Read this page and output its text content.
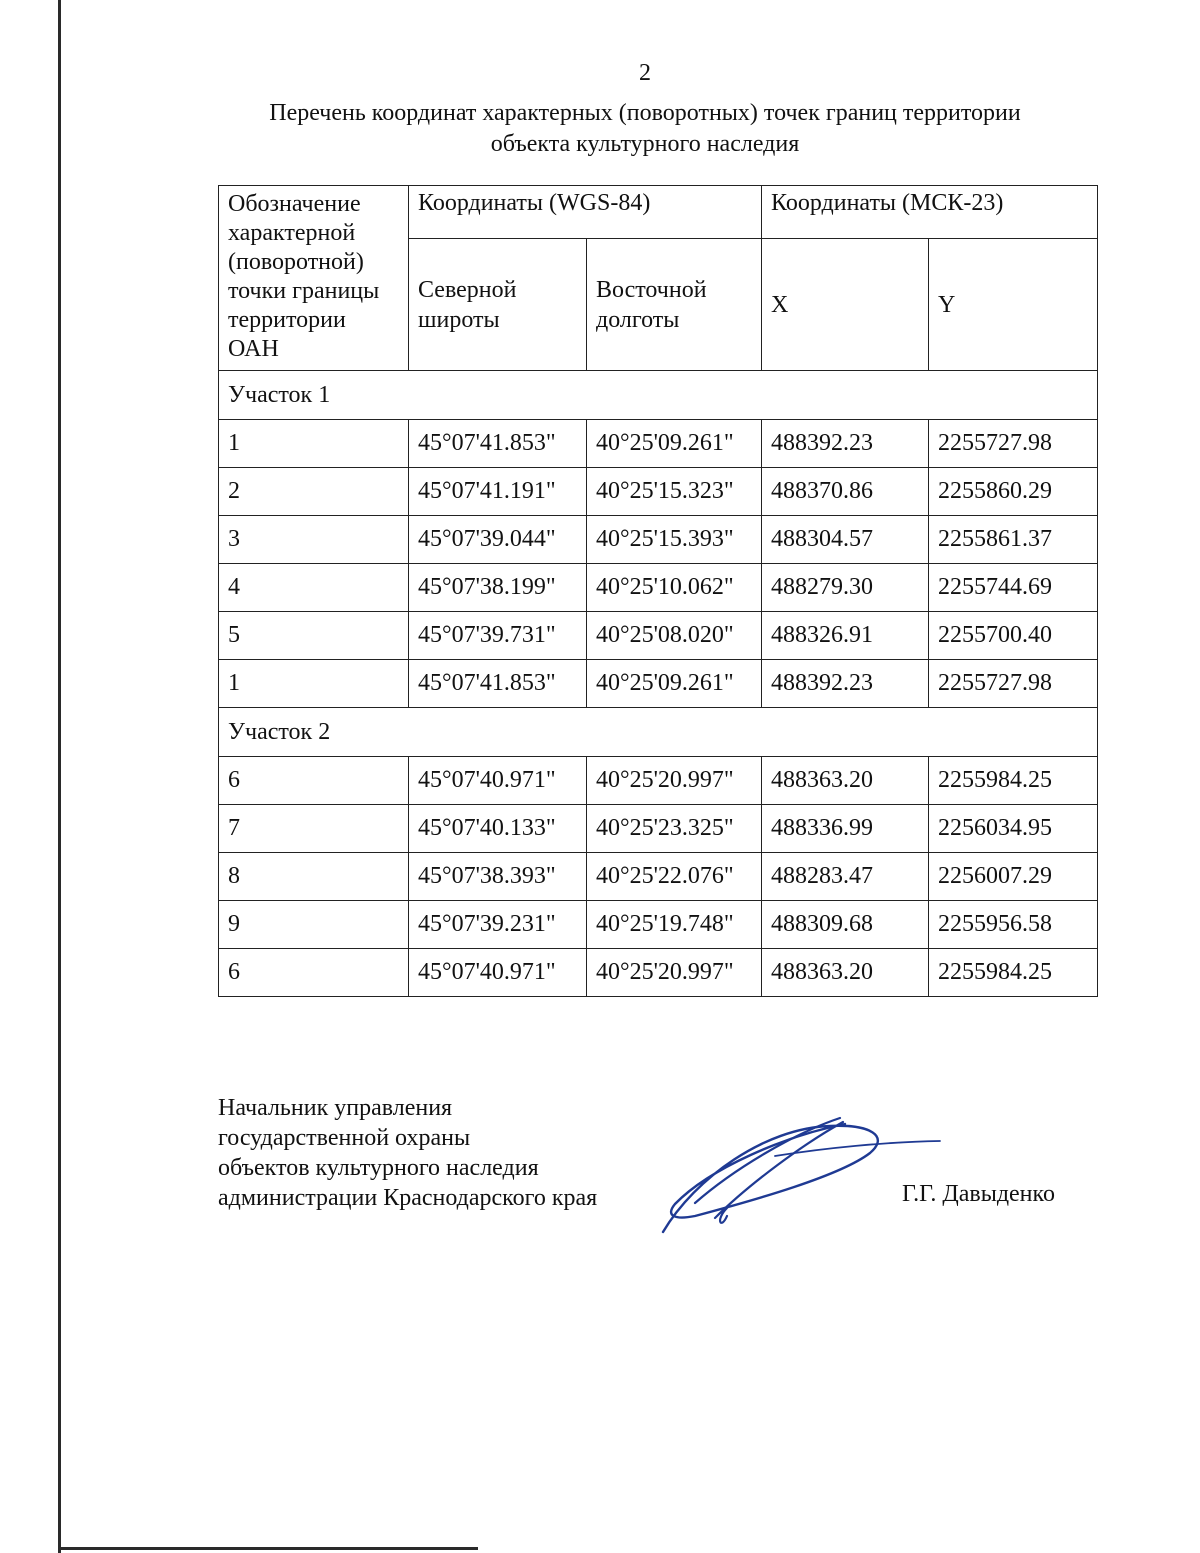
2
Перечень координат характерных (поворотных) точек границ территории
объекта культурного наследия
Обозначение характерной (поворотной) точки границы территории ОАН	Координаты (WGS-84)		Координаты (МСК-23)	
	Северной широты	Восточной долготы	X	Y
Участок 1				
1	45°07'41.853"	40°25'09.261"	488392.23	2255727.98
2	45°07'41.191"	40°25'15.323"	488370.86	2255860.29
3	45°07'39.044"	40°25'15.393"	488304.57	2255861.37
4	45°07'38.199"	40°25'10.062"	488279.30	2255744.69
5	45°07'39.731"	40°25'08.020"	488326.91	2255700.40
1	45°07'41.853"	40°25'09.261"	488392.23	2255727.98
Участок 2				
6	45°07'40.971"	40°25'20.997"	488363.20	2255984.25
7	45°07'40.133"	40°25'23.325"	488336.99	2256034.95
8	45°07'38.393"	40°25'22.076"	488283.47	2256007.29
9	45°07'39.231"	40°25'19.748"	488309.68	2255956.58
6	45°07'40.971"	40°25'20.997"	488363.20	2255984.25
Начальник управления
государственной охраны
объектов культурного наследия
администрации Краснодарского края	Г.Г. Давыденко
